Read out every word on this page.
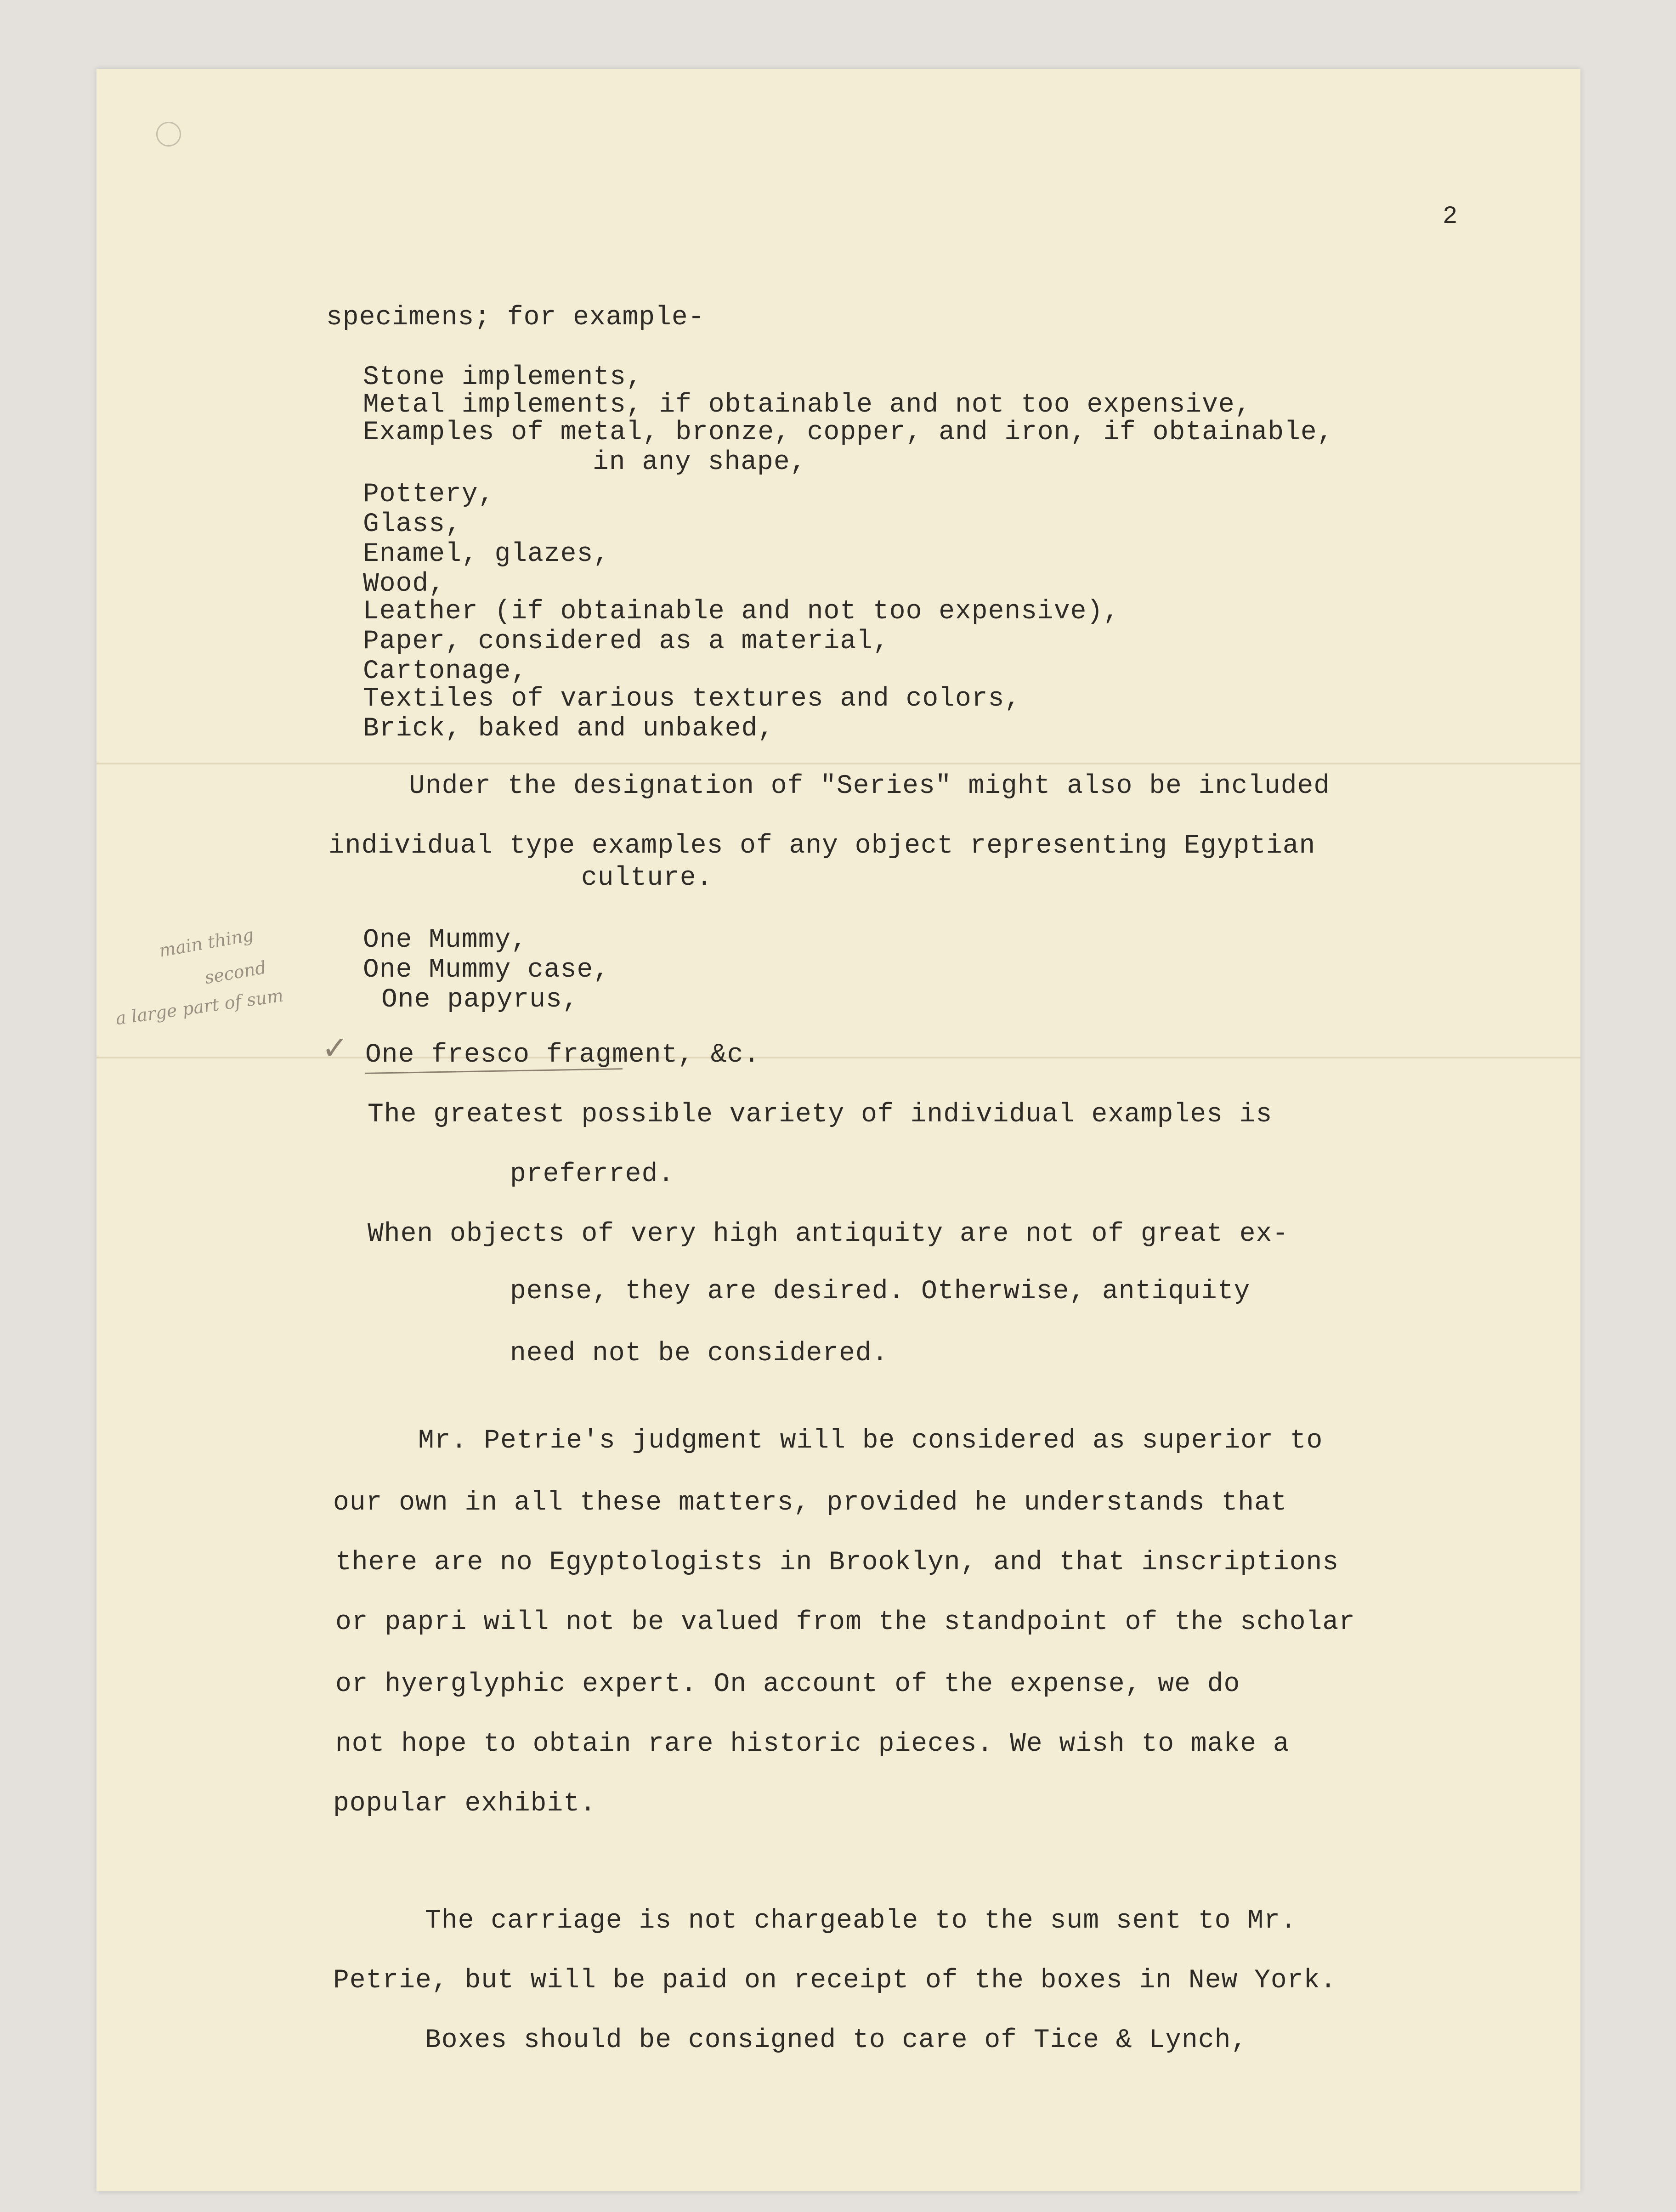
2

specimens; for example-

Stone implements,

Metal implements, if obtainable and not too expensive,

Examples of metal, bronze, copper, and iron, if obtainable,

in any shape,

Pottery,

Glass,

Enamel, glazes,

Wood,

Leather (if obtainable and not too expensive),

Paper, considered as a material,

Cartonage,

Textiles of various textures and colors,

Brick, baked and unbaked,

Under the designation of "Series" might also be included

individual type examples of any object representing Egyptian

culture.

main thing
second
a large part of sum

One Mummy,

One Mummy case,

One papyrus,

✓ One fresco fragment, &c.

The greatest possible variety of individual examples is

preferred.

When objects of very high antiquity are not of great ex-

pense, they are desired. Otherwise, antiquity

need not be considered.

Mr. Petrie's judgment will be considered as superior to

our own in all these matters, provided he understands that

there are no Egyptologists in Brooklyn, and that inscriptions

or papri will not be valued from the standpoint of the scholar

or hyerglyphic expert. On account of the expense, we do

not hope to obtain rare historic pieces. We wish to make a

popular exhibit.

The carriage is not chargeable to the sum sent to Mr.

Petrie, but will be paid on receipt of the boxes in New York.

Boxes should be consigned to care of Tice & Lynch,
